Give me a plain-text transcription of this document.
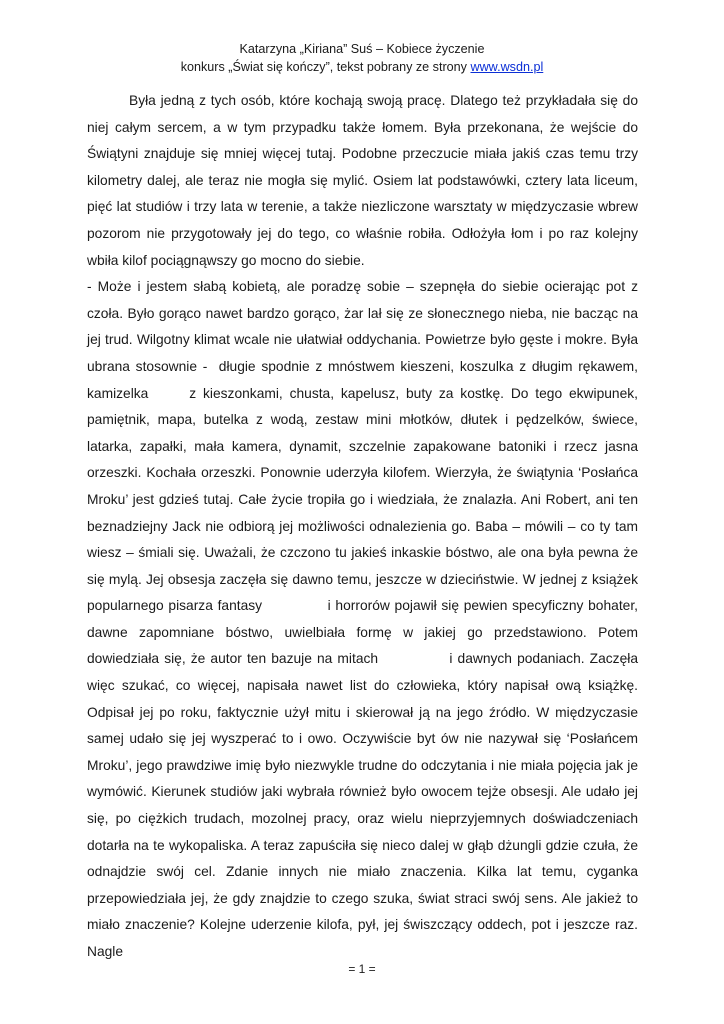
Katarzyna „Kiriana” Suś – Kobiece życzenie
konkurs „Świat się kończy”, tekst pobrany ze strony www.wsdn.pl

Była jedną z tych osób, które kochają swoją pracę. Dlatego też przykładała się do niej całym sercem, a w tym przypadku także łomem. Była przekonana, że wejście do Świątyni znajduje się mniej więcej tutaj. Podobne przeczucie miała jakiś czas temu trzy kilometry dalej, ale teraz nie mogła się mylić. Osiem lat podstawówki, cztery lata liceum, pięć lat studiów i trzy lata w terenie, a także niezliczone warsztaty w międzyczasie wbrew pozorom nie przygotowały jej do tego, co właśnie robiła. Odłożyła łom i po raz kolejny wbiła kilof pociągnąwszy go mocno do siebie.

- Może i jestem słabą kobietą, ale poradzę sobie – szepnęła do siebie ocierając pot z czoła. Było gorąco nawet bardzo gorąco, żar lał się ze słonecznego nieba, nie bacząc na jej trud. Wilgotny klimat wcale nie ułatwiał oddychania. Powietrze było gęste i mokre. Była ubrana stosownie -  długie spodnie z mnóstwem kieszeni, koszulka z długim rękawem, kamizelka      z kieszonkami, chusta, kapelusz, buty za kostkę. Do tego ekwipunek, pamiętnik, mapa, butelka z wodą, zestaw mini młotków, dłutek i pędzelków, świece, latarka, zapałki, mała kamera, dynamit, szczelnie zapakowane batoniki i rzecz jasna orzeszki. Kochała orzeszki. Ponownie uderzyła kilofem. Wierzyła, że świątynia ‘Posłańca Mroku’ jest gdzieś tutaj. Całe życie tropiła go i wiedziała, że znalazła. Ani Robert, ani ten beznadziejny Jack nie odbiorą jej możliwości odnalezienia go. Baba – mówili – co ty tam wiesz – śmiali się. Uważali, że czczono tu jakieś inkaskie bóstwo, ale ona była pewna że się mylą. Jej obsesja zaczęła się dawno temu, jeszcze w dzieciństwie. W jednej z książek popularnego pisarza fantasy              i horrorów pojawił się pewien specyficzny bohater, dawne zapomniane bóstwo, uwielbiała formę w jakiej go przedstawiono. Potem dowiedziała się, że autor ten bazuje na mitach              i dawnych podaniach. Zaczęła więc szukać, co więcej, napisała nawet list do człowieka, który napisał ową książkę. Odpisał jej po roku, faktycznie użył mitu i skierował ją na jego źródło. W międzyczasie samej udało się jej wyszperać to i owo. Oczywiście byt ów nie nazywał się ‘Posłańcem Mroku’, jego prawdziwe imię było niezwykle trudne do odczytania i nie miała pojęcia jak je wymówić. Kierunek studiów jaki wybrała również było owocem tejże obsesji. Ale udało jej się, po ciężkich trudach, mozolnej pracy, oraz wielu nieprzyjemnych doświadczeniach dotarła na te wykopaliska. A teraz zapuściła się nieco dalej w głąb dżungli gdzie czuła, że odnajdzie swój cel. Zdanie innych nie miało znaczenia. Kilka lat temu, cyganka przepowiedziała jej, że gdy znajdzie to czego szuka, świat straci swój sens. Ale jakież to miało znaczenie? Kolejne uderzenie kilofa, pył, jej świszczący oddech, pot i jeszcze raz. Nagle

= 1 =
